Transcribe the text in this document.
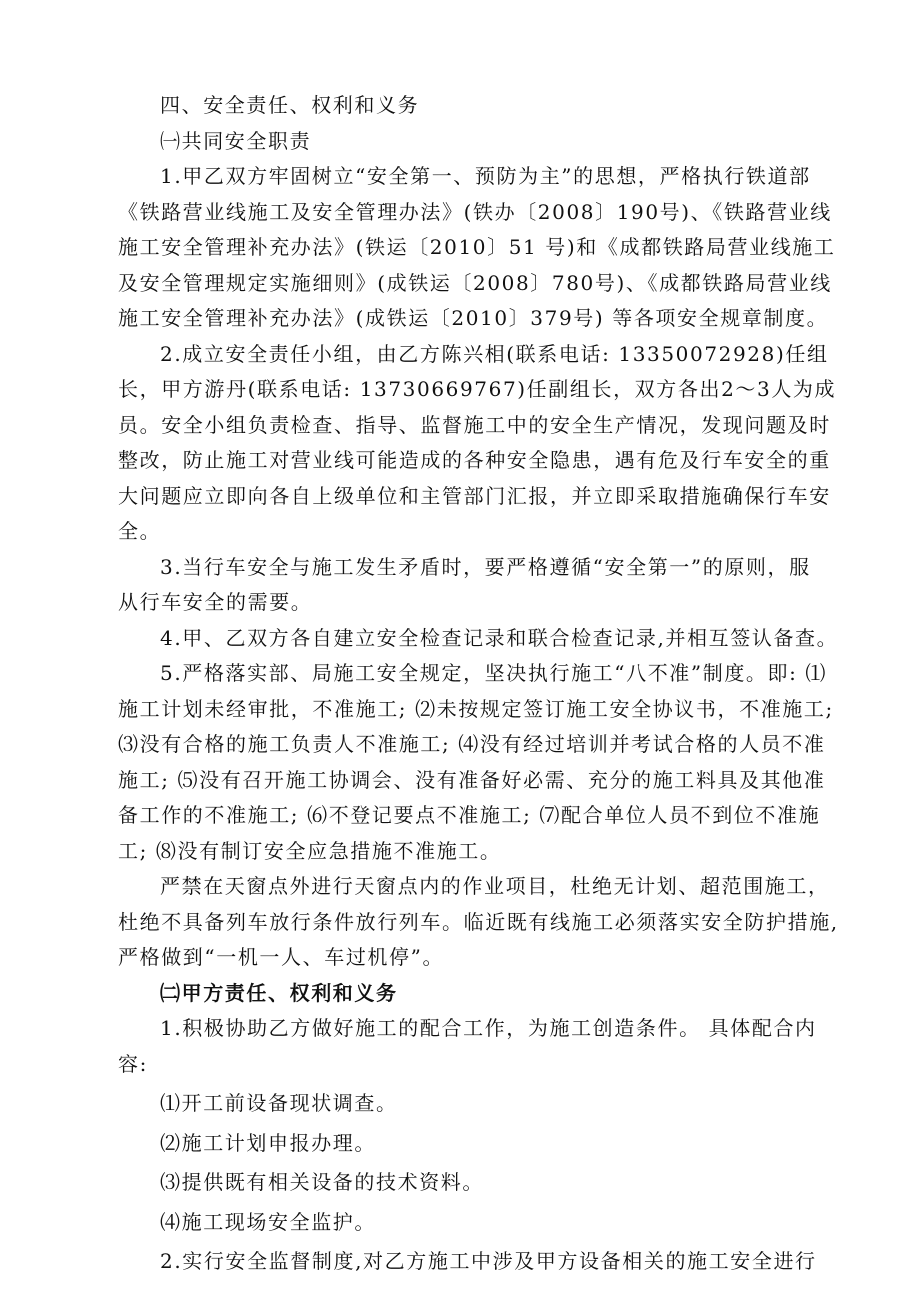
四、安全责任、权利和义务
㈠共同安全职责
1.甲乙双方牢固树立“安全第一、预防为主”的思想，严格执行铁道部
《铁路营业线施工及安全管理办法》(铁办〔2008〕190号)、《铁路营业线
施工安全管理补充办法》(铁运〔2010〕51 号)和《成都铁路局营业线施工
及安全管理规定实施细则》(成铁运〔2008〕780号)、《成都铁路局营业线
施工安全管理补充办法》(成铁运〔2010〕379号) 等各项安全规章制度。
2.成立安全责任小组，由乙方陈兴相(联系电话: 13350072928)任组
长，甲方游丹(联系电话: 13730669767)任副组长，双方各出2～3人为成
员。安全小组负责检查、指导、监督施工中的安全生产情况，发现问题及时
整改，防止施工对营业线可能造成的各种安全隐患，遇有危及行车安全的重
大问题应立即向各自上级单位和主管部门汇报，并立即采取措施确保行车安
全。
3.当行车安全与施工发生矛盾时，要严格遵循“安全第一”的原则，服
从行车安全的需要。
4.甲、乙双方各自建立安全检查记录和联合检查记录,并相互签认备查。
5.严格落实部、局施工安全规定，坚决执行施工“八不准”制度。即: ⑴
施工计划未经审批，不准施工; ⑵未按规定签订施工安全协议书，不准施工;
⑶没有合格的施工负责人不准施工; ⑷没有经过培训并考试合格的人员不准
施工; ⑸没有召开施工协调会、没有准备好必需、充分的施工料具及其他准
备工作的不准施工; ⑹不登记要点不准施工; ⑺配合单位人员不到位不准施
工; ⑻没有制订安全应急措施不准施工。
严禁在天窗点外进行天窗点内的作业项目，杜绝无计划、超范围施工，
杜绝不具备列车放行条件放行列车。临近既有线施工必须落实安全防护措施,
严格做到“一机一人、车过机停”。
㈡甲方责任、权利和义务
1.积极协助乙方做好施工的配合工作，为施工创造条件。 具体配合内
容:
⑴开工前设备现状调查。
⑵施工计划申报办理。
⑶提供既有相关设备的技术资料。
⑷施工现场安全监护。
2.实行安全监督制度,对乙方施工中涉及甲方设备相关的施工安全进行
